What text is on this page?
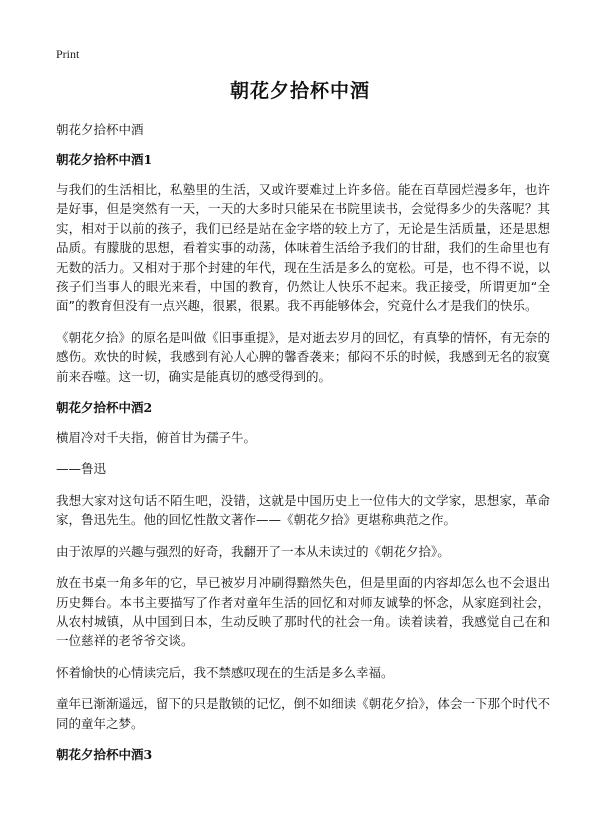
Print
朝花夕拾杯中酒
朝花夕拾杯中酒
朝花夕拾杯中酒1

与我们的生活相比，私塾里的生活，又或许要难过上许多倍。能在百草园烂漫多年，也许是好事，但是突然有一天，一天的大多时只能呆在书院里读书，会觉得多少的失落呢？其实，相对于以前的孩子，我们已经是站在金字塔的较上方了，无论是生活质量，还是思想品质。有朦胧的思想，看着实事的动荡，体味着生活给予我们的甘甜，我们的生命里也有无数的活力。又相对于那个封建的年代，现在生活是多么的宽松。可是，也不得不说，以孩子们当事人的眼光来看，中国的教育，仍然让人快乐不起来。我正接受，所谓更加“全面”的教育但没有一点兴趣，很累，很累。我不再能够体会，究竟什么才是我们的快乐。

《朝花夕拾》的原名是叫做《旧事重提》，是对逝去岁月的回忆，有真挚的情怀，有无奈的感伤。欢快的时候，我感到有沁人心脾的馨香袭来；郁闷不乐的时候，我感到无名的寂寞前来吞噬。这一切，确实是能真切的感受得到的。

朝花夕拾杯中酒2

横眉冷对千夫指，俯首甘为孺子牛。

——鲁迅

我想大家对这句话不陌生吧，没错，这就是中国历史上一位伟大的文学家，思想家，革命家，鲁迅先生。他的回忆性散文著作——《朝花夕拾》更堪称典范之作。

由于浓厚的兴趣与强烈的好奇，我翻开了一本从未读过的《朝花夕拾》。

放在书桌一角多年的它，早已被岁月冲刷得黯然失色，但是里面的内容却怎么也不会退出历史舞台。本书主要描写了作者对童年生活的回忆和对师友诚挚的怀念，从家庭到社会，从农村城镇，从中国到日本，生动反映了那时代的社会一角。读着读着，我感觉自己在和一位慈祥的老爷爷交谈。

怀着愉快的心情读完后，我不禁感叹现在的生活是多么幸福。

童年已渐渐遥远，留下的只是散锁的记忆，倒不如细读《朝花夕拾》，体会一下那个时代不同的童年之梦。

朝花夕拾杯中酒3
